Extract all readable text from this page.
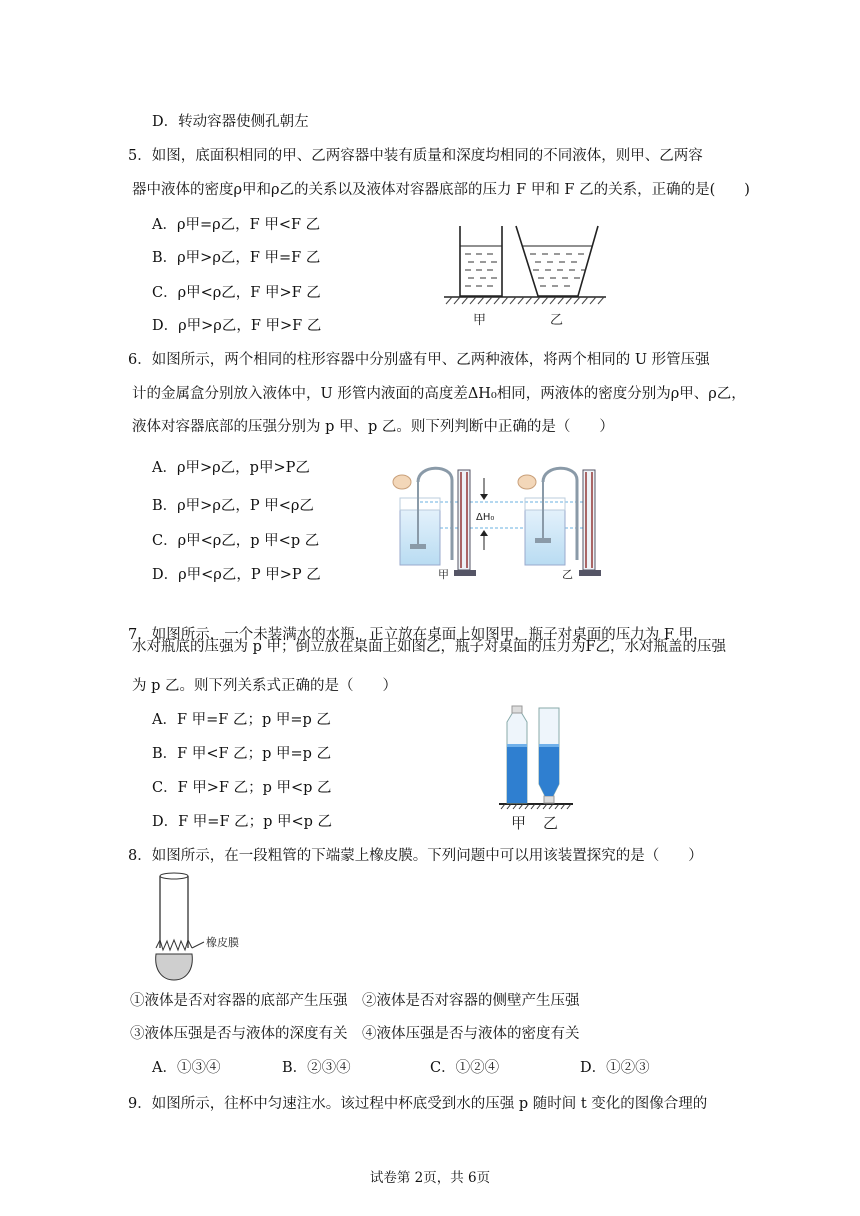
D．转动容器使侧孔朝左
5．如图，底面积相同的甲、乙两容器中装有质量和深度均相同的不同液体，则甲、乙两容
器中液体的密度ρ甲和ρ乙的关系以及液体对容器底部的压力 F 甲和 F 乙的关系，正确的是(　　)
A．ρ甲=ρ乙，F 甲<F 乙
B．ρ甲>ρ乙，F 甲=F 乙
C．ρ甲<ρ乙，F 甲>F 乙
D．ρ甲>ρ乙，F 甲>F 乙	甲	乙
6．如图所示，两个相同的柱形容器中分别盛有甲、乙两种液体，将两个相同的 U 形管压强
计的金属盒分别放入液体中，U 形管内液面的高度差ΔH₀相同，两液体的密度分别为ρ甲、ρ乙，
液体对容器底部的压强分别为 p 甲、p 乙。则下列判断中正确的是（　　）
A．ρ甲>ρ乙，p甲>P乙
B．ρ甲>ρ乙，P 甲<ρ乙
C．ρ甲<ρ乙，p 甲<p 乙
D．ρ甲<ρ乙，P 甲>P 乙
ΔH₀
甲	乙
7．如图所示，一个未装满水的水瓶，正立放在桌面上如图甲，瓶子对桌面的压力为 F 甲，
水对瓶底的压强为 p 甲；倒立放在桌面上如图乙，瓶子对桌面的压力为F乙，水对瓶盖的压强
为 p 乙。则下列关系式正确的是（　　）
A．F 甲=F 乙；p 甲=p 乙
B．F 甲<F 乙；p 甲=p 乙
C．F 甲>F 乙；p 甲<p 乙
D．F 甲=F 乙；p 甲<p 乙	甲 乙
8．如图所示，在一段粗管的下端蒙上橡皮膜。下列问题中可以用该装置探究的是（　　）
橡皮膜
①液体是否对容器的底部产生压强　②液体是否对容器的侧壁产生压强
③液体压强是否与液体的深度有关　④液体压强是否与液体的密度有关
A．①③④	B．②③④	C．①②④	D．①②③
9．如图所示，往杯中匀速注水。该过程中杯底受到水的压强 p 随时间 t 变化的图像合理的
试卷第 2页，共 6页
